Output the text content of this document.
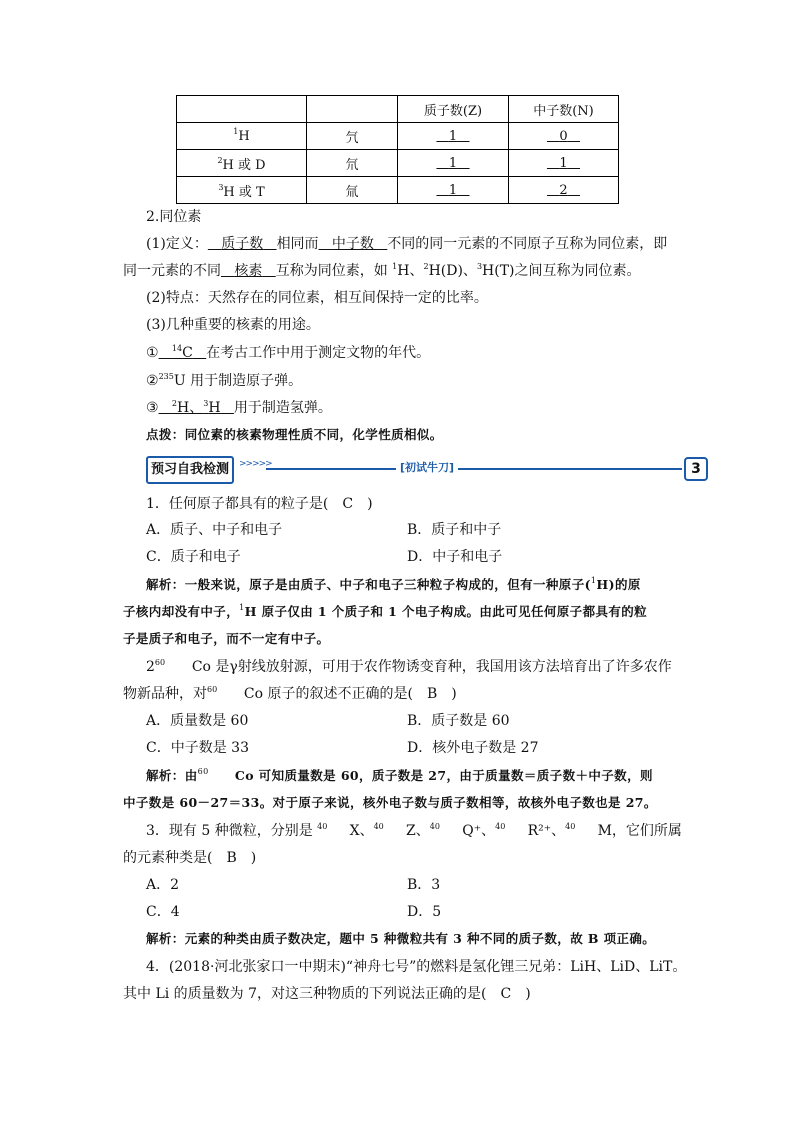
		质子数(Z)	中子数(N)
$^1$H	氕	1	0
$^2$H 或 D	氘	1	1
$^3$H 或 T	氚	1	2
2.同位素
(1)定义： 质子数 相同而 中子数 不同的同一元素的不同原子互称为同位素，即
同一元素的不同 核素 互称为同位素，如 $^1$H、$^2$H(D)、$^3$H(T)之间互称为同位素。
(2)特点：天然存在的同位素，相互间保持一定的比率。
(3)几种重要的核素的用途。
① $^{14}$C 在考古工作中用于测定文物的年代。
②$^{235}$U 用于制造原子弹。
③ $^2$H、$^3$H 用于制造氢弹。
点拨：同位素的核素物理性质不同，化学性质相似。
预习自我检测	>>>>>	[初试牛刀]	3
1．任何原子都具有的粒子是(　C　)
A．质子、中子和电子	B．质子和中子
C．质子和电子	D．中子和电子
解析：一般来说，原子是由质子、中子和电子三种粒子构成的，但有一种原子($^1$H)的原
子核内却没有中子，$^1$H 原子仅由 1 个质子和 1 个电子构成。由此可见任何原子都具有的粒
子是质子和电子，而不一定有中子。
$2^{60}$ Co 是γ射线放射源，可用于农作物诱变育种，我国用该方法培育出了许多农作
物新品种，对$^{60}$ Co 原子的叙述不正确的是(　B　)
A．质量数是 60	B．质子数是 60
C．中子数是 33	D．核外电子数是 27
解析：由$^{60}$ Co 可知质量数是 60，质子数是 27，由于质量数＝质子数＋中子数，则
中子数是 60－27＝33。对于原子来说，核外电子数与质子数相等，故核外电子数也是 27。
3．现有 5 种微粒，分别是 $^{40}$ X、$^{40}$ Z、$^{40}$ Q⁺、$^{40}$ R²⁺、$^{40}$ M，它们所属
的元素种类是(　B　)
A．2	B．3
C．4	D．5
解析：元素的种类由质子数决定，题中 5 种微粒共有 3 种不同的质子数，故 B 项正确。
4．(2018·河北张家口一中期末)“神舟七号”的燃料是氢化锂三兄弟：LiH、LiD、LiT。
其中 Li 的质量数为 7，对这三种物质的下列说法正确的是(　C　)
